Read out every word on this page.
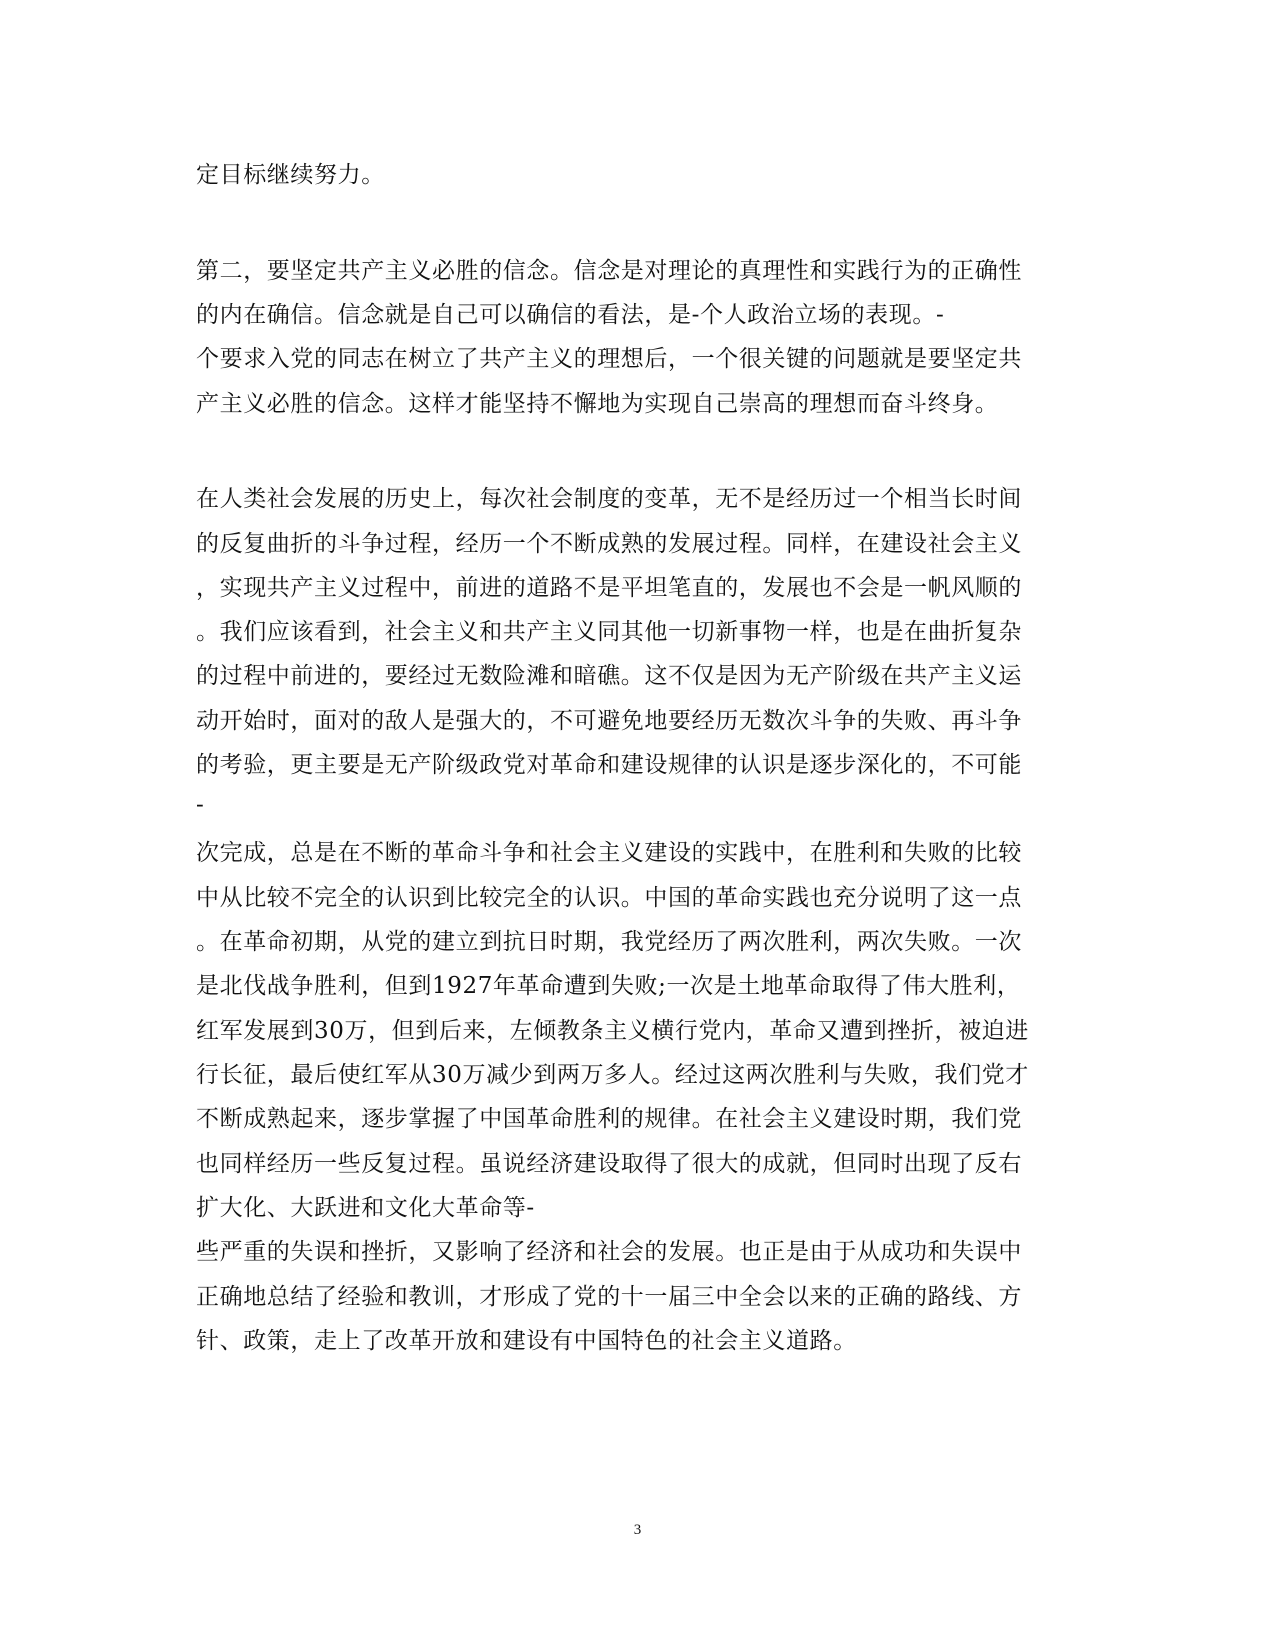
定目标继续努力。
第二，要坚定共产主义必胜的信念。信念是对理论的真理性和实践行为的正确性
的内在确信。信念就是自己可以确信的看法，是-个人政治立场的表现。-
个要求入党的同志在树立了共产主义的理想后，一个很关键的问题就是要坚定共
产主义必胜的信念。这样才能坚持不懈地为实现自己崇高的理想而奋斗终身。
在人类社会发展的历史上，每次社会制度的变革，无不是经历过一个相当长时间
的反复曲折的斗争过程，经历一个不断成熟的发展过程。同样，在建设社会主义
，实现共产主义过程中，前进的道路不是平坦笔直的，发展也不会是一帆风顺的
。我们应该看到，社会主义和共产主义同其他一切新事物一样，也是在曲折复杂
的过程中前进的，要经过无数险滩和暗礁。这不仅是因为无产阶级在共产主义运
动开始时，面对的敌人是强大的，不可避免地要经历无数次斗争的失败、再斗争
的考验，更主要是无产阶级政党对革命和建设规律的认识是逐步深化的，不可能
-
次完成，总是在不断的革命斗争和社会主义建设的实践中，在胜利和失败的比较
中从比较不完全的认识到比较完全的认识。中国的革命实践也充分说明了这一点
。在革命初期，从党的建立到抗日时期，我党经历了两次胜利，两次失败。一次
是北伐战争胜利，但到1927年革命遭到失败;一次是土地革命取得了伟大胜利，
红军发展到30万，但到后来，左倾教条主义横行党内，革命又遭到挫折，被迫进
行长征，最后使红军从30万减少到两万多人。经过这两次胜利与失败，我们党才
不断成熟起来，逐步掌握了中国革命胜利的规律。在社会主义建设时期，我们党
也同样经历一些反复过程。虽说经济建设取得了很大的成就，但同时出现了反右
扩大化、大跃进和文化大革命等-
些严重的失误和挫折，又影响了经济和社会的发展。也正是由于从成功和失误中
正确地总结了经验和教训，才形成了党的十一届三中全会以来的正确的路线、方
针、政策，走上了改革开放和建设有中国特色的社会主义道路。
3
